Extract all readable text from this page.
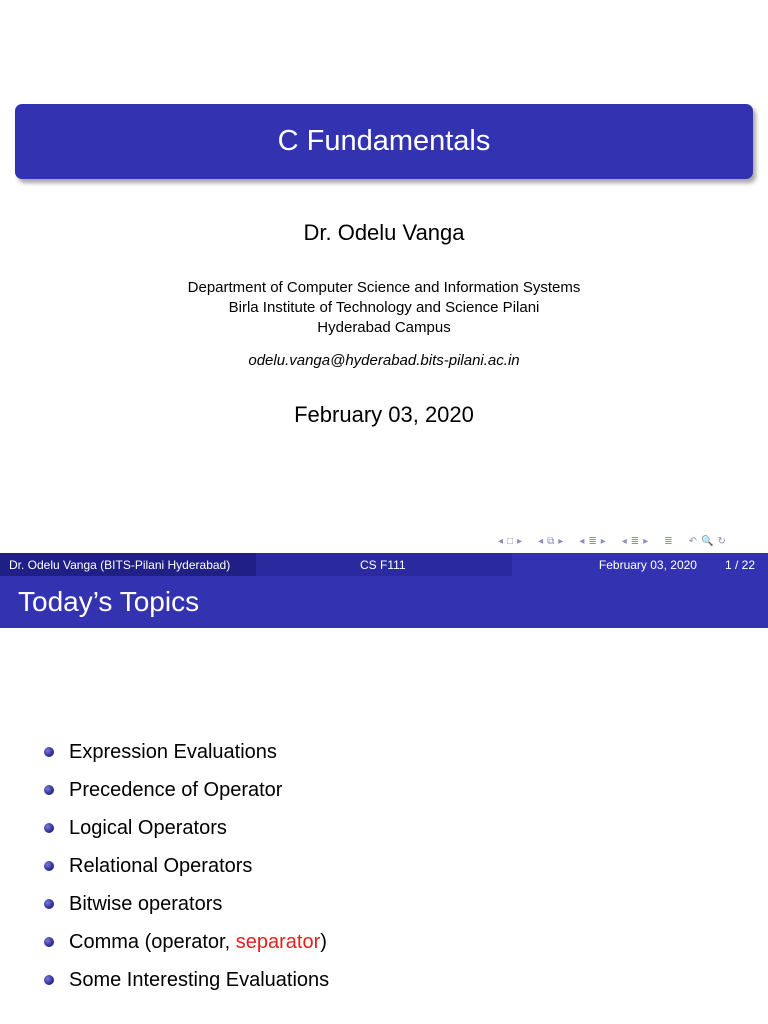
C Fundamentals
Dr. Odelu Vanga
Department of Computer Science and Information Systems
Birla Institute of Technology and Science Pilani
Hyderabad Campus
odelu.vanga@hyderabad.bits-pilani.ac.in
February 03, 2020
◂ □ ▸ ◂ ⧉ ▸ ◂ ≣ ▸ ◂ ≣ ▸ ≣ ↶ 🔍 ↻
Dr. Odelu Vanga (BITS-Pilani Hyderabad)	CS F111	February 03, 2020 1 / 22
Today’s Topics
Expression Evaluations
Precedence of Operator
Logical Operators
Relational Operators
Bitwise operators
Comma (operator, separator)
Some Interesting Evaluations
